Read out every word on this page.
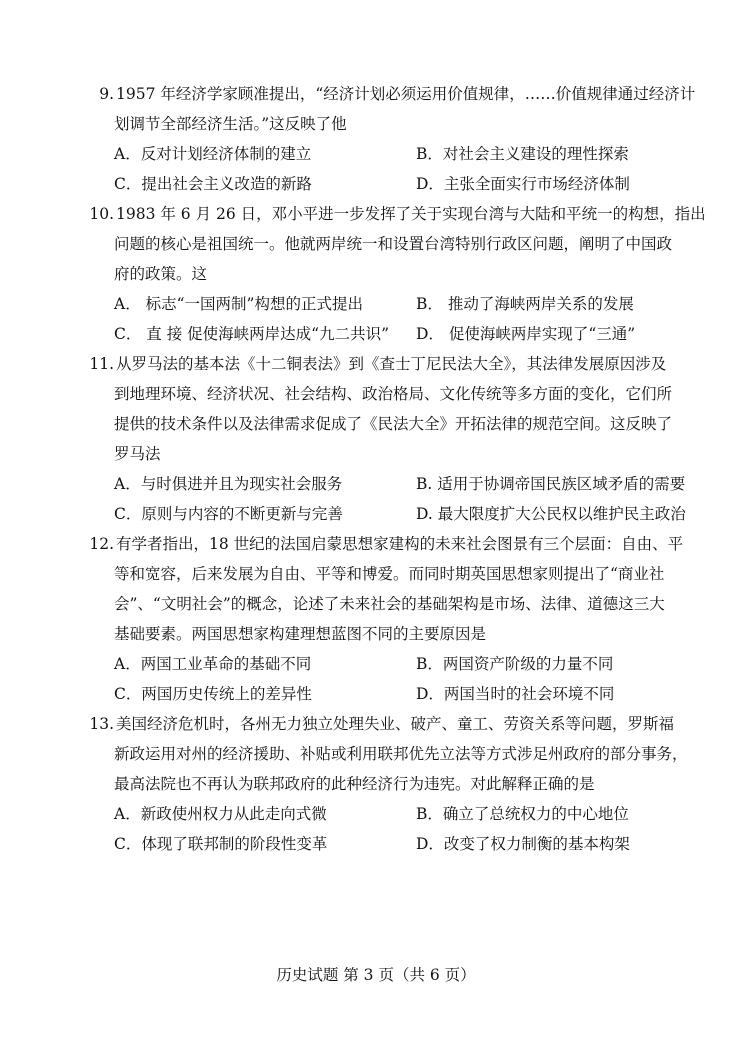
9. 1957 年经济学家顾准提出，“经济计划必须运用价值规律，……价值规律通过经济计
划调节全部经济生活。”这反映了他
A．反对计划经济体制的建立	B．对社会主义建设的理性探索
C．提出社会主义改造的新路	D．主张全面实行市场经济体制
10. 1983 年 6 月 26 日，邓小平进一步发挥了关于实现台湾与大陆和平统一的构想，指出
问题的核心是祖国统一。他就两岸统一和设置台湾特别行政区问题，阐明了中国政
府的政策。这
A． 标志“一国两制”构想的正式提出	B． 推动了海峡两岸关系的发展
C． 直 接 促使海峡两岸达成“九二共识” D． 促使海峡两岸实现了“三通”
11. 从罗马法的基本法《十二铜表法》到《查士丁尼民法大全》，其法律发展原因涉及
到地理环境、经济状况、社会结构、政治格局、文化传统等多方面的变化，它们所
提供的技术条件以及法律需求促成了《民法大全》开拓法律的规范空间。这反映了
罗马法
A．与时俱进并且为现实社会服务	B. 适用于协调帝国民族区域矛盾的需要
C．原则与内容的不断更新与完善	D. 最大限度扩大公民权以维护民主政治
12. 有学者指出，18 世纪的法国启蒙思想家建构的未来社会图景有三个层面：自由、平
等和宽容，后来发展为自由、平等和博爱。而同时期英国思想家则提出了“商业社
会”、“文明社会”的概念，论述了未来社会的基础架构是市场、法律、道德这三大
基础要素。两国思想家构建理想蓝图不同的主要原因是
A．两国工业革命的基础不同	B．两国资产阶级的力量不同
C．两国历史传统上的差异性	D．两国当时的社会环境不同
13. 美国经济危机时，各州无力独立处理失业、破产、童工、劳资关系等问题，罗斯福
新政运用对州的经济援助、补贴或利用联邦优先立法等方式涉足州政府的部分事务，
最高法院也不再认为联邦政府的此种经济行为违宪。对此解释正确的是
A．新政使州权力从此走向式微	B．确立了总统权力的中心地位
C．体现了联邦制的阶段性变革	D．改变了权力制衡的基本构架
历史试题 第 3 页（共 6 页）
